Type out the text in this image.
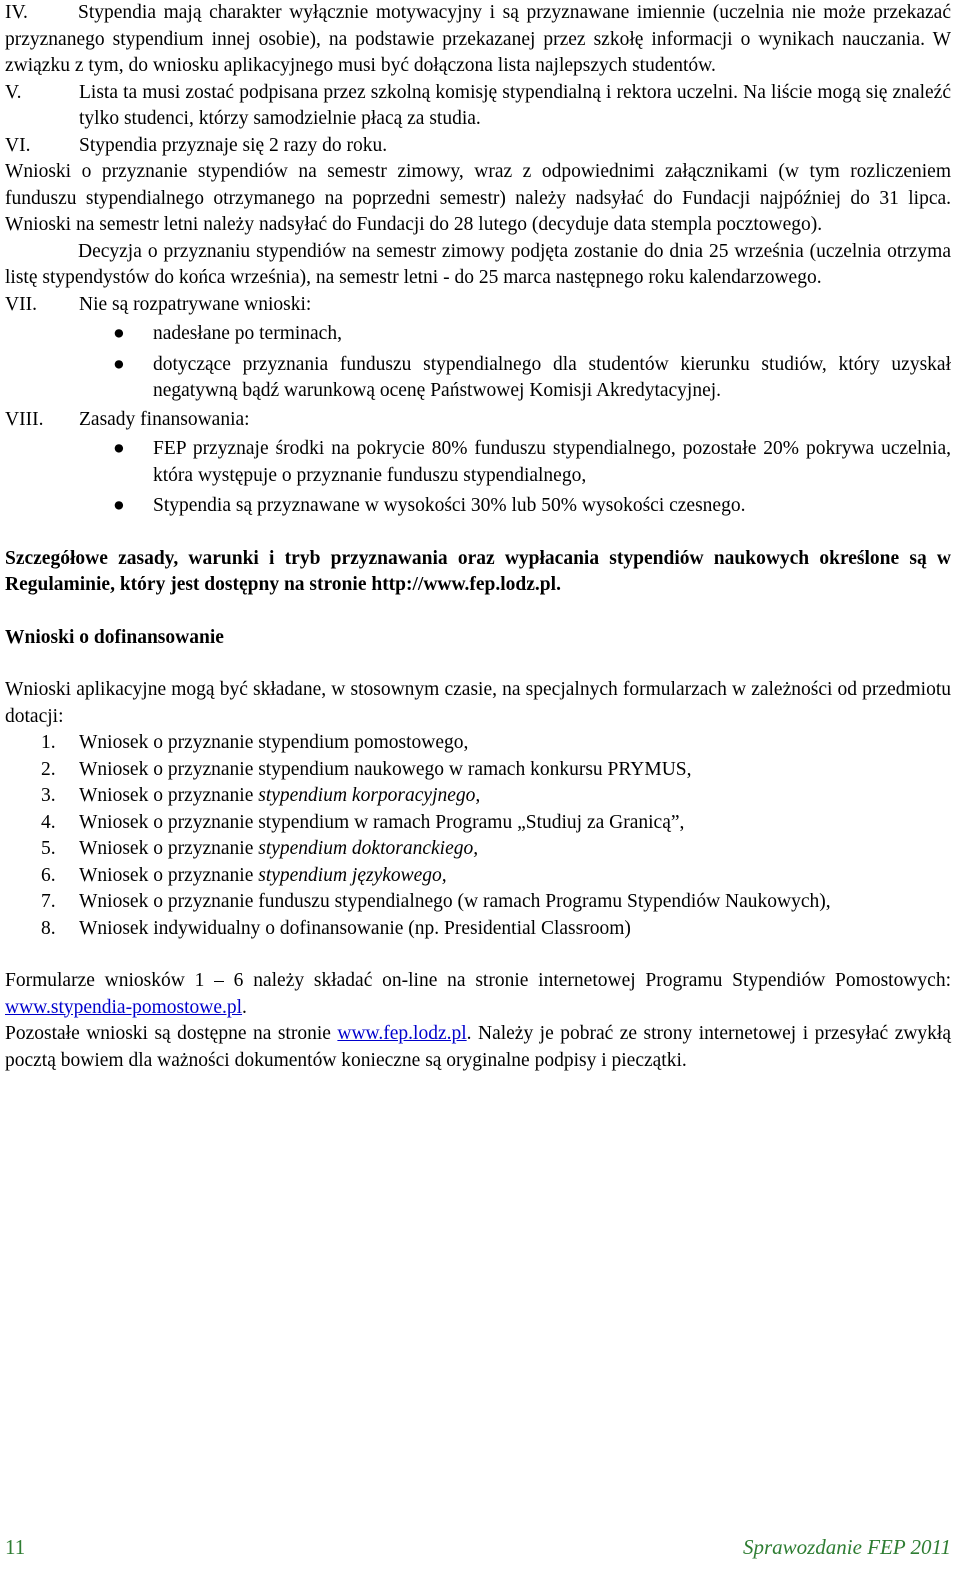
IV.	Stypendia mają charakter wyłącznie motywacyjny i są przyznawane imiennie (uczelnia nie może przekazać przyznanego stypendium innej osobie), na podstawie przekazanej przez szkołę informacji o wynikach nauczania. W związku z tym, do wniosku aplikacyjnego musi być dołączona lista najlepszych studentów.
V.	Lista ta musi zostać podpisana przez szkolną komisję stypendialną i rektora uczelni. Na liście mogą się znaleźć tylko studenci, którzy samodzielnie płacą za studia.
VI.	Stypendia przyznaje się 2 razy do roku.

Wnioski o przyznanie stypendiów na semestr zimowy, wraz z odpowiednimi załącznikami (w tym rozliczeniem funduszu stypendialnego otrzymanego na poprzedni semestr) należy nadsyłać do Fundacji najpóźniej do 31 lipca. Wnioski na semestr letni należy nadsyłać do Fundacji do 28 lutego (decyduje data stempla pocztowego).

Decyzja o przyznaniu stypendiów na semestr zimowy podjęta zostanie do dnia 25 września (uczelnia otrzyma listę stypendystów do końca września), na semestr letni - do 25 marca następnego roku kalendarzowego.

VII.	Nie są rozpatrywane wnioski:
●	nadesłane po terminach,
●	dotyczące przyznania funduszu stypendialnego dla studentów kierunku studiów, który uzyskał negatywną bądź warunkową ocenę Państwowej Komisji Akredytacyjnej.
VIII.	Zasady finansowania:
●	FEP przyznaje środki na pokrycie 80% funduszu stypendialnego, pozostałe 20% pokrywa uczelnia, która występuje o przyznanie funduszu stypendialnego,
●	Stypendia są przyznawane w wysokości 30% lub 50% wysokości czesnego.

Szczegółowe zasady, warunki i tryb przyznawania oraz wypłacania stypendiów naukowych określone są w Regulaminie, który jest dostępny na stronie http://www.fep.lodz.pl.

Wnioski o dofinansowanie

Wnioski aplikacyjne mogą być składane, w stosownym czasie, na specjalnych formularzach w zależności od przedmiotu dotacji:

1.	Wniosek o przyznanie stypendium pomostowego,
2.	Wniosek o przyznanie stypendium naukowego w ramach konkursu PRYMUS,
3.	Wniosek o przyznanie stypendium korporacyjnego,
4.	Wniosek o przyznanie stypendium w ramach Programu „Studiuj za Granicą”,
5.	Wniosek o przyznanie stypendium doktoranckiego,
6.	Wniosek o przyznanie stypendium językowego,
7.	Wniosek o przyznanie funduszu stypendialnego (w ramach Programu Stypendiów Naukowych),
8.	Wniosek indywidualny o dofinansowanie (np. Presidential Classroom)

Formularze wniosków 1 – 6 należy składać on-line na stronie internetowej Programu Stypendiów Pomostowych: www.stypendia-pomostowe.pl.

Pozostałe wnioski są dostępne na stronie www.fep.lodz.pl. Należy je pobrać ze strony internetowej i przesyłać zwykłą pocztą bowiem dla ważności dokumentów konieczne są oryginalne podpisy i pieczątki.

11	Sprawozdanie FEP 2011
